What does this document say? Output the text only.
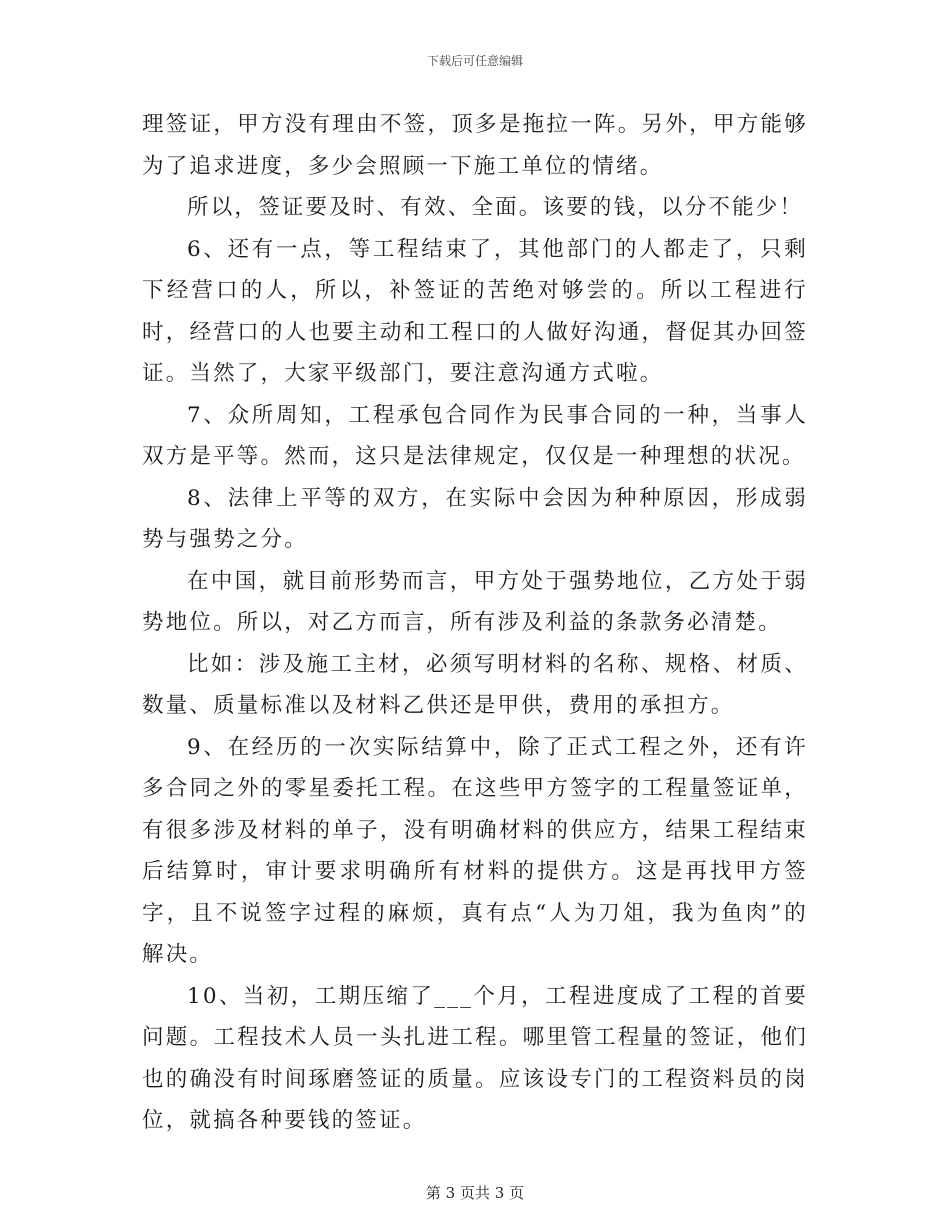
下载后可任意编辑

理签证，甲方没有理由不签，顶多是拖拉一阵。另外，甲方能够为了追求进度，多少会照顾一下施工单位的情绪。

所以，签证要及时、有效、全面。该要的钱，以分不能少！

6、还有一点，等工程结束了，其他部门的人都走了，只剩下经营口的人，所以，补签证的苦绝对够尝的。所以工程进行时，经营口的人也要主动和工程口的人做好沟通，督促其办回签证。当然了，大家平级部门，要注意沟通方式啦。

7、众所周知，工程承包合同作为民事合同的一种，当事人双方是平等。然而，这只是法律规定，仅仅是一种理想的状况。

8、法律上平等的双方，在实际中会因为种种原因，形成弱势与强势之分。

在中国，就目前形势而言，甲方处于强势地位，乙方处于弱势地位。所以，对乙方而言，所有涉及利益的条款务必清楚。

比如：涉及施工主材，必须写明材料的名称、规格、材质、数量、质量标准以及材料乙供还是甲供，费用的承担方。

9、在经历的一次实际结算中，除了正式工程之外，还有许多合同之外的零星委托工程。在这些甲方签字的工程量签证单，有很多涉及材料的单子，没有明确材料的供应方，结果工程结束后结算时，审计要求明确所有材料的提供方。这是再找甲方签字，且不说签字过程的麻烦，真有点“人为刀俎，我为鱼肉”的解决。

10、当初，工期压缩了___个月，工程进度成了工程的首要问题。工程技术人员一头扎进工程。哪里管工程量的签证，他们也的确没有时间琢磨签证的质量。应该设专门的工程资料员的岗位，就搞各种要钱的签证。

第 3 页共 3 页
